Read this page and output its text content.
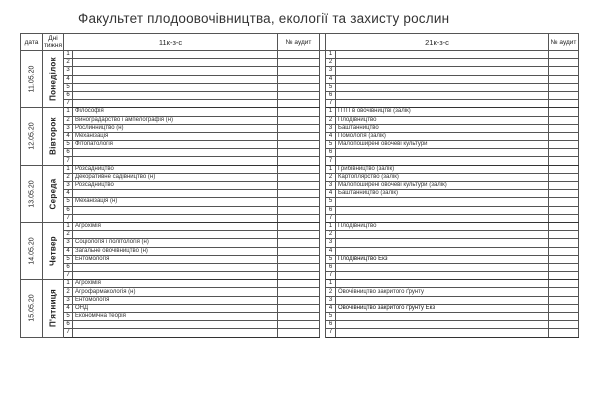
Факультет плодоовочівництва, екології та захисту рослин
дата	Дні тижня	11к-з-с		№ аудит		21к-з-с		№ аудит

11.05.20	Понеділок	1				1		
		2				2		
		3				3		
		4				4		
		5				5		
		6				6		
		7				7		

12.05.20	Вівторок	1	Філософія			1	ПТП в овочівництві (залік)	
		2	Виноградарство і ампелографія (н)			2	Плодівництво	
		3	Рослинництво (н)			3	Баштанництво	
		4	Механізація			4	Помологія (залік)	
		5	Фітопатологія			5	Малопоширені овочеві культури	
		6				6		
		7				7		

13.05.20	Середа	1	Розсадництво			1	Грибівництво (залік)	
		2	Декоративне садівництво (н)			2	Картоплярство (залік)	
		3	Розсадництво			3	Малопоширені овочеві культури (залік)	
		4				4	Баштанництво (залік)	
		5	Механізація (н)			5		
		6				6		
		7				7		

14.05.20	Четвер	1	Агрохімія			1	Плодівництво	
		2				2		
		3	Соціологія і політологія (н)			3		
		4	Загальне овочівництво (н)			4		
		5	Ентомологія			5	Плодівництво Екз	
		6				6		
		7				7		

15.05.20	П'ятниця	1	Агрохімія			1		
		2	Агрофармакологія (н)			2	Овочівництво закритого ґрунту	
		3	Ентомологія			3		
		4	ОНД			4	Овочівництво закритого ґрунту Екз	
		5	Економічна теорія			5		
		6				6		
		7				7		
